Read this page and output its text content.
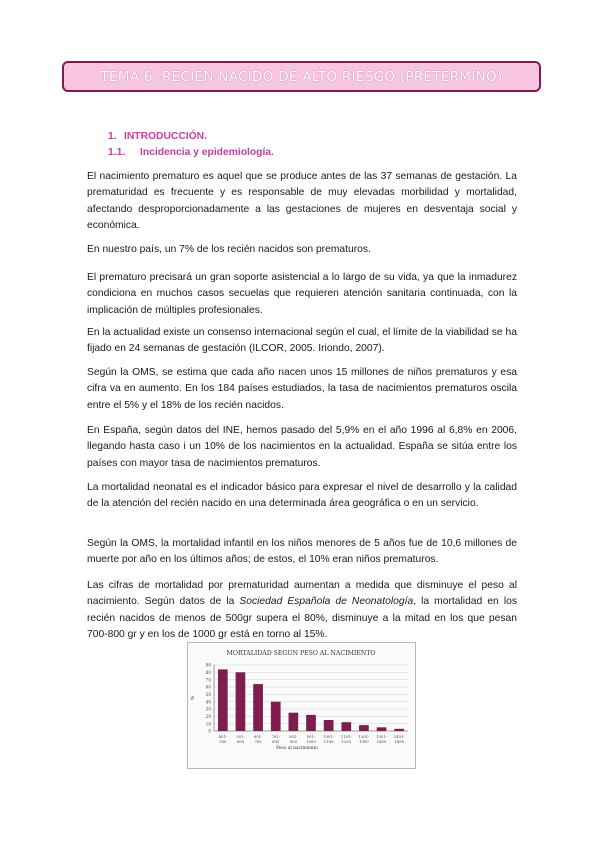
TEMA 6. RECIEN NACIDO DE ALTO RIESGO (PRETÉRMINO)
1. INTRODUCCIÓN.
1.1. Incidencia y epidemiología.

El nacimiento prematuro es aquel que se produce antes de las 37 semanas de gestación. La prematuridad es frecuente y es responsable de muy elevadas morbilidad y mortalidad, afectando desproporcionadamente a las gestaciones de mujeres en desventaja social y económica.

En nuestro país, un 7% de los recién nacidos son prematuros.

El prematuro precisará un gran soporte asistencial a lo largo de su vida, ya que la inmadurez condiciona en muchos casos secuelas que requieren atención sanitaria continuada, con la implicación de múltiples profesionales.

En la actualidad existe un consenso internacional según el cual, el límite de la viabilidad se ha fijado en 24 semanas de gestación (ILCOR, 2005. Iriondo, 2007).

Según la OMS, se estima que cada año nacen unos 15 millones de niños prematuros y esa cifra va en aumento. En los 184 países estudiados, la tasa de nacimientos prematuros oscila entre el 5% y el 18% de los recién nacidos.

En España, según datos del INE, hemos pasado del 5,9% en el año 1996 al 6,8% en 2006, llegando hasta caso i un 10% de los nacimientos en la actualidad. España se sitúa entre los países con mayor tasa de nacimientos prematuros.

La mortalidad neonatal es el indicador básico para expresar el nivel de desarrollo y la calidad de la atención del recién nacido en una determinada área geográfica o en un servicio.

Según la OMS, la mortalidad infantil en los niños menores de 5 años fue de 10,6 millones de muerte por año en los últimos años; de estos, el 10% eran niños prematuros.

Las cifras de mortalidad por prematuridad aumentan a medida que disminuye el peso al nacimiento. Según datos de la Sociedad Española de Neonatología, la mortalidad en los recién nacidos de menos de 500gr supera el 80%, disminuye a la mitad en los que pesan 700-800 gr y en los de 1000 gr está en torno al 15%.

MORTALIDAD SEGUN PESO AL NACIMIENTO
0
10
20
30
40
50
60
70
80
90
%
401-
500
501-
600
601-
700
701-
800
801-
900
901-
1000
1001-
1100
1101-
1200
1201-
1300
1301-
1400
1401-
1499
Peso al nacimiento
